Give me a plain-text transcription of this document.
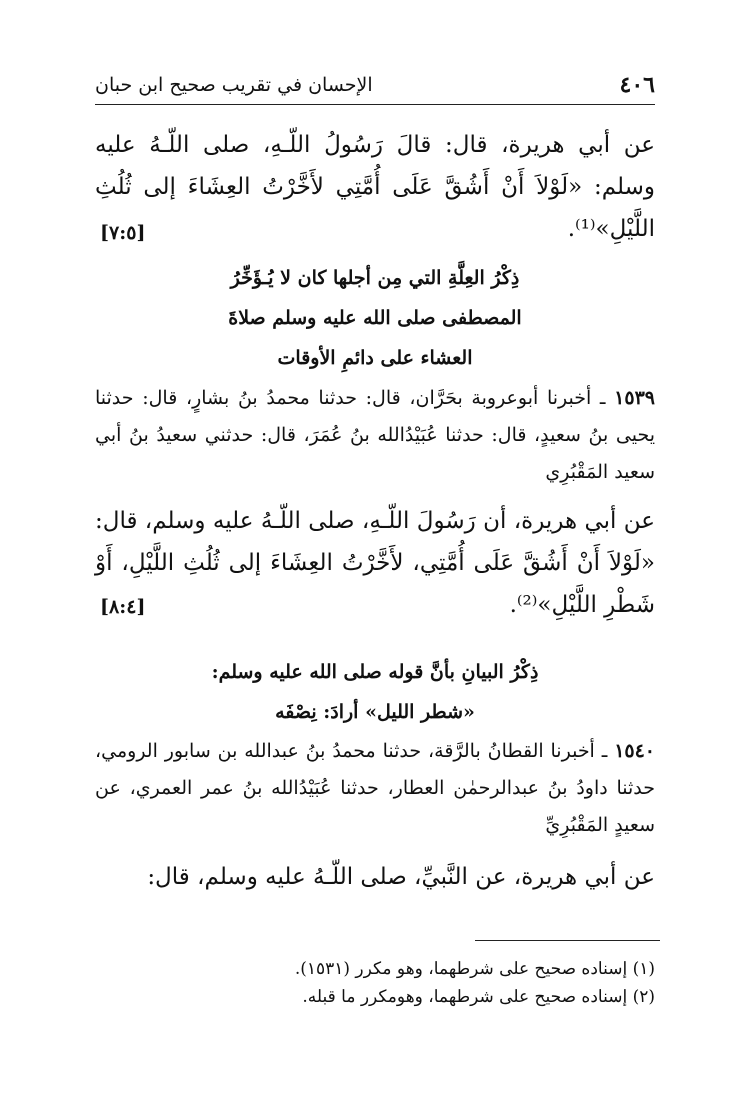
٤٠٦
الإحسان في تقريب صحيح ابن حبان
عن أبي هريرة، قال: قالَ رَسُولُ اللّـهِ، صلى اللّـهُ عليه وسلم: «لَوْلاَ أَنْ أَشُقَّ عَلَى أُمَّتِي لأَخَّرْتُ العِشَاءَ إلى ثُلُثِ اللَّيْلِ»⁽¹⁾.
[٧:٥]
ذِكْرُ العِلَّةِ التي مِن أجلها كان لا يُـؤَخِّرُ
المصطفى صلى الله عليه وسلم صلاةَ
العشاء على دائمِ الأوقات
١٥٣٩ ـ أخبرنا أبوعروبة بحَرَّان، قال: حدثنا محمدُ بنُ بشارٍ، قال: حدثنا يحيى بنُ سعيدٍ، قال: حدثنا عُبَيْدُالله بنُ عُمَرَ، قال: حدثني سعيدُ بنُ أبي سعيد المَقْبُرِي
عن أبي هريرة، أن رَسُولَ اللّـهِ، صلى اللّـهُ عليه وسلم، قال: «لَوْلاَ أَنْ أَشُقَّ عَلَى أُمَّتِي، لأَخَّرْتُ العِشَاءَ إلى ثُلُثِ اللَّيْلِ، أَوْ شَطْرِ اللَّيْلِ»⁽²⁾.
[٨:٤]
ذِكْرُ البيانِ بأنَّ قوله صلى الله عليه وسلم:
«شطر الليل» أرادَ: نِصْفَه
١٥٤٠ ـ أخبرنا القطانُ بالرَّقة، حدثنا محمدُ بنُ عبدالله بن سابور الرومي، حدثنا داودُ بنُ عبدالرحمٰن العطار، حدثنا عُبَيْدُالله بنُ عمر العمري، عن سعيدٍ المَقْبُرِيِّ
عن أبي هريرة، عن النَّبيِّ، صلى اللّـهُ عليه وسلم، قال:
(١) إسناده صحيح على شرطهما، وهو مكرر (١٥٣١).
(٢) إسناده صحيح على شرطهما، وهومكرر ما قبله.
